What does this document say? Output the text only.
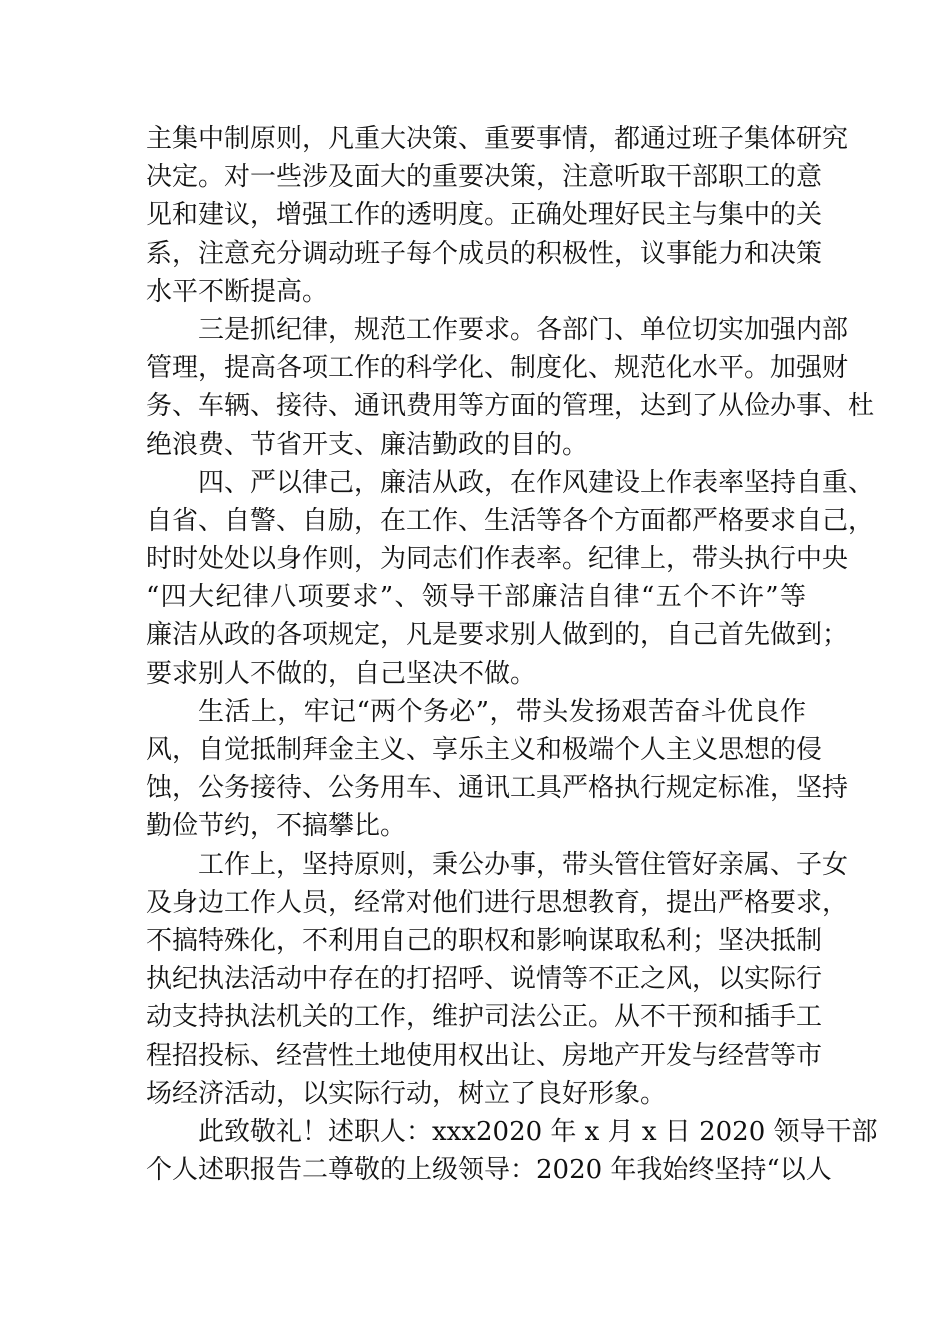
主集中制原则，凡重大决策、重要事情，都通过班子集体研究
决定。对一些涉及面大的重要决策，注意听取干部职工的意
见和建议，增强工作的透明度。正确处理好民主与集中的关
系，注意充分调动班子每个成员的积极性，议事能力和决策
水平不断提高。
三是抓纪律，规范工作要求。各部门、单位切实加强内部
管理，提高各项工作的科学化、制度化、规范化水平。加强财
务、车辆、接待、通讯费用等方面的管理，达到了从俭办事、杜
绝浪费、节省开支、廉洁勤政的目的。
四、严以律己，廉洁从政，在作风建设上作表率坚持自重、
自省、自警、自励，在工作、生活等各个方面都严格要求自己，
时时处处以身作则，为同志们作表率。纪律上，带头执行中央
“四大纪律八项要求”、领导干部廉洁自律“五个不许”等
廉洁从政的各项规定，凡是要求别人做到的，自己首先做到；
要求别人不做的，自己坚决不做。
生活上，牢记“两个务必”，带头发扬艰苦奋斗优良作
风，自觉抵制拜金主义、享乐主义和极端个人主义思想的侵
蚀，公务接待、公务用车、通讯工具严格执行规定标准，坚持
勤俭节约，不搞攀比。
工作上，坚持原则，秉公办事，带头管住管好亲属、子女
及身边工作人员，经常对他们进行思想教育，提出严格要求，
不搞特殊化，不利用自己的职权和影响谋取私利；坚决抵制
执纪执法活动中存在的打招呼、说情等不正之风，以实际行
动支持执法机关的工作，维护司法公正。从不干预和插手工
程招投标、经营性土地使用权出让、房地产开发与经营等市
场经济活动，以实际行动，树立了良好形象。
此致敬礼！述职人：xxx2020 年 x 月 x 日 2020 领导干部
个人述职报告二尊敬的上级领导：2020 年我始终坚持“以人
